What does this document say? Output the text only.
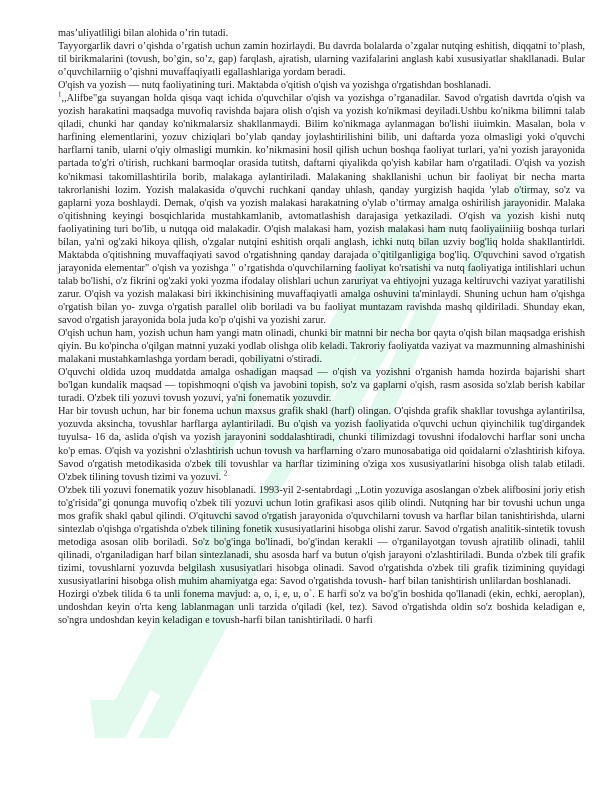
mas’uliyatliligi bilan alohida o’rin tutadi.

Tayyorgarlik davri o’qishda o’rgatish uchun zamin hozirlaydi. Bu davrda bolalarda o’zgalar nutqing eshitish, diqqatni to’plash, til birikmalarini (tovush, bo’gin, so’z, gap) farqlash, ajratish, ularning vazifalarini anglash kabi xususiyatlar shakllanadi. Bular o’quvchilarniig o’qishni muvaffaqiyatli egallashlariga yordam beradi.

O'qish va yozish — nutq faoliyatining turi. Maktabda o'qitish o'qish va yozishga o'rgatishdan boshlanadi.

$^1$,,Alifbe"ga suyangan holda qisqa vaqt ichida o'quvchilar o'qish va yozishga o’rganadilar. Savod o'rgatish davrtda o'qish va yozish harakatini maqsadga muvofiq ravishda bajara olish o'qish va yozish ko'nikmasi deyiladi.Ushbu ko'nikma bilimni talab qiladi, chunki har qanday ko'nikmalarsiz shakllanmaydi. Bilim ko'nikmaga aylanmagan bo'lishi iiuimkin. Masalan, bola v harfining elementlarini, yozuv chiziqlari bo’ylab qanday joylashtirilishini bilib, uni daftarda yoza olmasligi yoki o'quvchi harflarni tanib, ularni o'qiy olmasligi mumkin. ko’nikmasini hosil qilish uchun boshqa faoliyat turlari, ya'ni yozish jarayonida partada to'g'ri o'tirish, ruchkani barmoqlar orasida tutitsh, daftarni qiyalikda qo'yish kabilar ham o'rgatiladi. O'qish va yozish ko'nikmasi takomillashtirila borib, malakaga aylantiriladi. Malakaning shakllanishi uchun bir faoliyat bir necha marta takrorlanishi lozim. Yozish malakasida o'quvchi ruchkani qanday uhlash, qanday yurgizish haqida 'ylab o'tirmay, so'z va gaplarni yoza boshlaydi. Demak, o'qish va yozish malakasi harakatning o'ylab o’tirmay amalga oshirilish jarayonidir. Malaka o'qitishning keyingi bosqichlarida mustahkamlanib, avtomatlashish darajasiga yetkaziladi. O'qish va yozish kishi nutq faoliyatining turi bo'lib, u nutqqa oid malakadir. O'qish malakasi ham, yozish malakasi ham nutq faoliyaiiniiig boshqa turlari bilan, ya'ni og'zaki hikoya qilish, o'zgalar nutqini eshitish orqali anglash, ichki nutq bilan uzviy bog'liq holda shakllantirldi. Maktabda o'qitishning muvaffaqiyati savod o'rgatishning qanday darajada o’qitilganligiga bog'liq. O'quvchini savod o'rgatish jarayonida elementar" o'qish va yozishga " o’rgatishda o'quvchilarning faoliyat ko'rsatishi va nutq faoliyatiga intilishlari uchun talab bo'lishi, o'z fikrini og'zaki yoki yozma ifodalay olishlari uchun zaruriyat va ehtiyojni yuzaga keltiruvchi vaziyat yaratilishi zarur. O'qish va yozish malakasi biri ikkinchisining muvaffaqiyatli amalga oshuvini ta'minlaydi. Shuning uchun ham o'qishga o'rgatish bilan yo- zuvga o'rgatish parallel olib boriladi va bu faoliyat muntazam ravishda mashq qildiriladi. Shunday ekan, savod o'rgatish jarayonida bola juda ko'p o'qishi va yozishi zarur.

O'qish uchun ham, yozish uchun ham yangi matn olinadi, chunki bir matnni bir necha bor qayta o'qish bilan maqsadga erishish qiyin. Bu ko'pincha o'qilgan matnni yuzaki yodlab olishga olib keladi. Takroriy faoliyatda vaziyat va mazmunning almashinishi malakani mustahkamlashga yordam beradi, qobiliyatni o'stiradi.

O'quvchi oldida uzoq muddatda amalga oshadigan maqsad — o'qish va yozishni o'rganish hamda hozirda bajarishi shart bo'lgan kundalik maqsad — topishmoqni o'qish va javobini topish, so'z va gaplarni o'qish, rasm asosida so'zlab berish kabilar turadi. O'zbek tili yozuvi tovush yozuvi, ya'ni fonematik yozuvdir.

Har bir tovush uchun, har bir fonema uchun maxsus grafik shakl (harf) olingan. O'qishda grafik shakllar tovushga aylantirilsa, yozuvda aksincha, tovushlar harflarga aylantiriladi. Bu o'qish va yozish faoliyatida o'quvchi uchun qiyinchilik tug'dirgandek tuyulsa- 16 da, aslida o'qish va yozish jarayonini soddalashtiradi, chunki tilimizdagi tovushni ifodalovchi harflar soni uncha ko'p emas. O'qish va yozishni o'zlashtirish uchun tovush va harflarning o'zaro munosabatiga oid qoidalarni o'zlashtirish kifoya. Savod o'rgatish metodikasida o'zbek tili tovushlar va harflar tizimining o'ziga xos xususiyatlarini hisobga olish talab etiladi. O'zbek tilining tovush tizimi va yozuvi. $^2$

O'zbek tili yozuvi fonematik yozuv hisoblanadi. 1993-yil 2-sentabrdagi ,,Lotin yozuviga asoslangan o'zbek alifbosini joriy etish to'g'risida"gi qonunga muvofiq o'zbek tili yozuvi uchun lotin grafikasi asos qilib olindi. Nutqning har bir tovushi uchun unga mos grafik shakl qabul qilindi. O'qituvchi savod o'rgatish jarayonida o'quvchilarni tovush va harflar bilan tanishtirishda, ularni sintezlab o'qishga o'rgatishda o'zbek tilining fonetik xususiyatlarini hisobga olishi zarur. Savod o'rgatish analitik-sintetik tovush metodiga asosan olib boriladi. So'z bo'g'inga bo'linadi, bo'g'indan kerakli — o'rganilayotgan tovush ajratilib olinadi, tahlil qilinadi, o'rganiladigan harf bilan sintezlanadi, shu asosda harf va butun o'qish jarayoni o'zlashtiriladi. Bunda o'zbek tili grafik tizimi, tovushlarni yozuvda belgilash xususiyatlari hisobga olinadi. Savod o'rgatishda o'zbek tili grafik tizimining quyidagi xususiyatlarini hisobga olish muhim ahamiyatga ega: Savod o'rgatishda tovush- harf bilan tanishtirish unlilardan boshlanadi.

Hozirgi o'zbek tilida 6 ta unli fonema mavjud: a, o, i, e, u, o`. E harfi so'z va bo'g'in boshida qo'llanadi (ekin, echki, aeroplan), undoshdan keyin o'rta keng lablanmagan unli tarzida o'qiladi (kel, tez). Savod o'rgatishda oldin so'z boshida keladigan e, so'ngra undoshdan keyin keladigan e tovush-harfi bilan tanishtiriladi. 0 harfi
